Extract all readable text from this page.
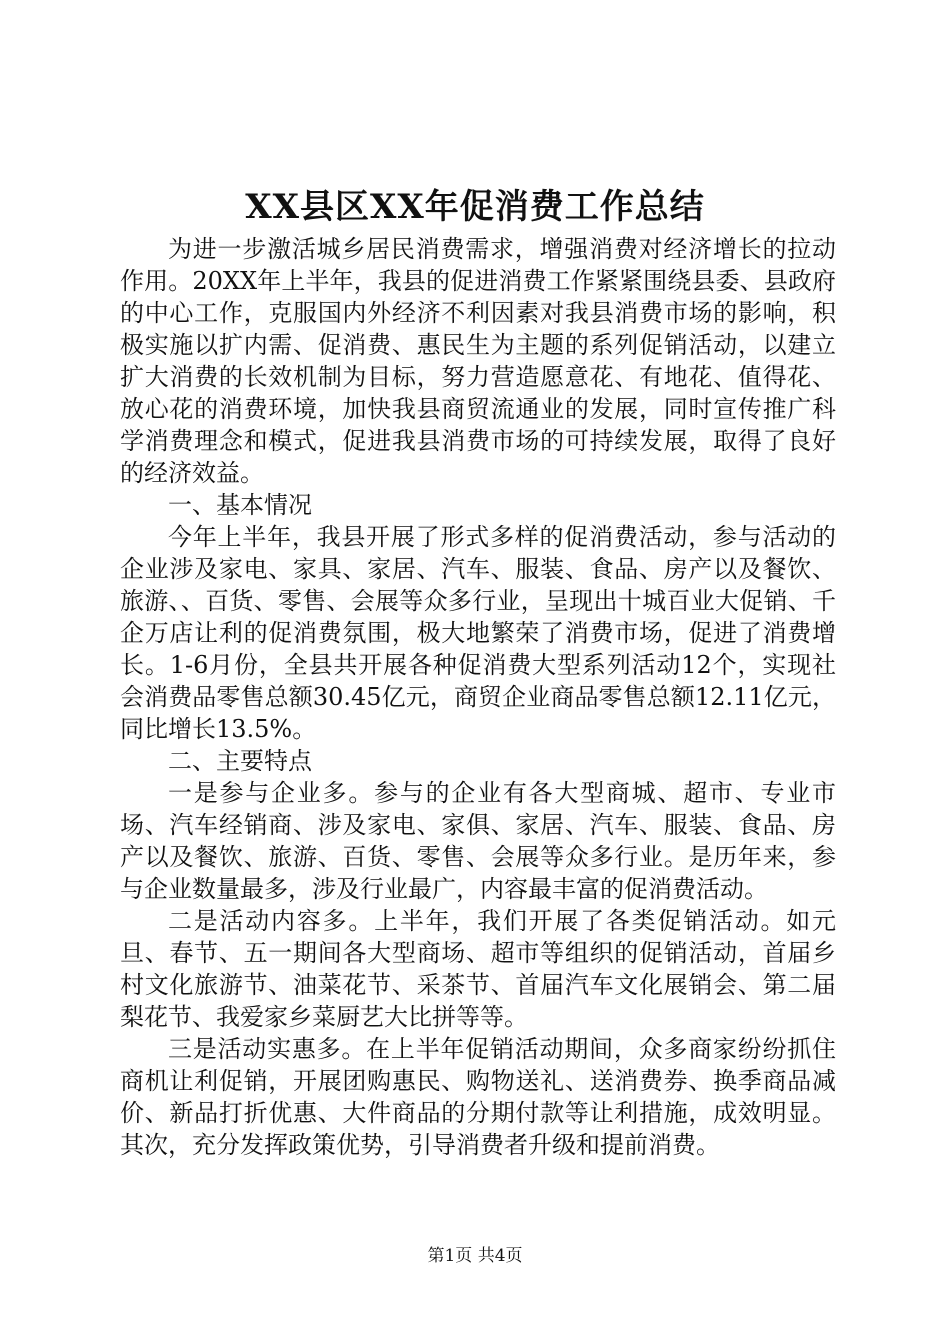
XX县区XX年促消费工作总结

为进一步激活城乡居民消费需求，增强消费对经济增长的拉动作用。20XX年上半年，我县的促进消费工作紧紧围绕县委、县政府的中心工作，克服国内外经济不利因素对我县消费市场的影响，积极实施以扩内需、促消费、惠民生为主题的系列促销活动，以建立扩大消费的长效机制为目标，努力营造愿意花、有地花、值得花、放心花的消费环境，加快我县商贸流通业的发展，同时宣传推广科学消费理念和模式，促进我县消费市场的可持续发展，取得了良好的经济效益。

一、基本情况

今年上半年，我县开展了形式多样的促消费活动，参与活动的企业涉及家电、家具、家居、汽车、服装、食品、房产以及餐饮、旅游、、百货、零售、会展等众多行业，呈现出十城百业大促销、千企万店让利的促消费氛围，极大地繁荣了消费市场，促进了消费增长。1-6月份，全县共开展各种促消费大型系列活动12个，实现社会消费品零售总额30.45亿元，商贸企业商品零售总额12.11亿元，同比增长13.5%。

二、主要特点

一是参与企业多。参与的企业有各大型商城、超市、专业市场、汽车经销商、涉及家电、家俱、家居、汽车、服装、食品、房产以及餐饮、旅游、百货、零售、会展等众多行业。是历年来，参与企业数量最多，涉及行业最广，内容最丰富的促消费活动。

二是活动内容多。上半年，我们开展了各类促销活动。如元旦、春节、五一期间各大型商场、超市等组织的促销活动，首届乡村文化旅游节、油菜花节、采茶节、首届汽车文化展销会、第二届梨花节、我爱家乡菜厨艺大比拼等等。

三是活动实惠多。在上半年促销活动期间，众多商家纷纷抓住商机让利促销，开展团购惠民、购物送礼、送消费券、换季商品减价、新品打折优惠、大件商品的分期付款等让利措施，成效明显。其次，充分发挥政策优势，引导消费者升级和提前消费。

第1页 共4页
